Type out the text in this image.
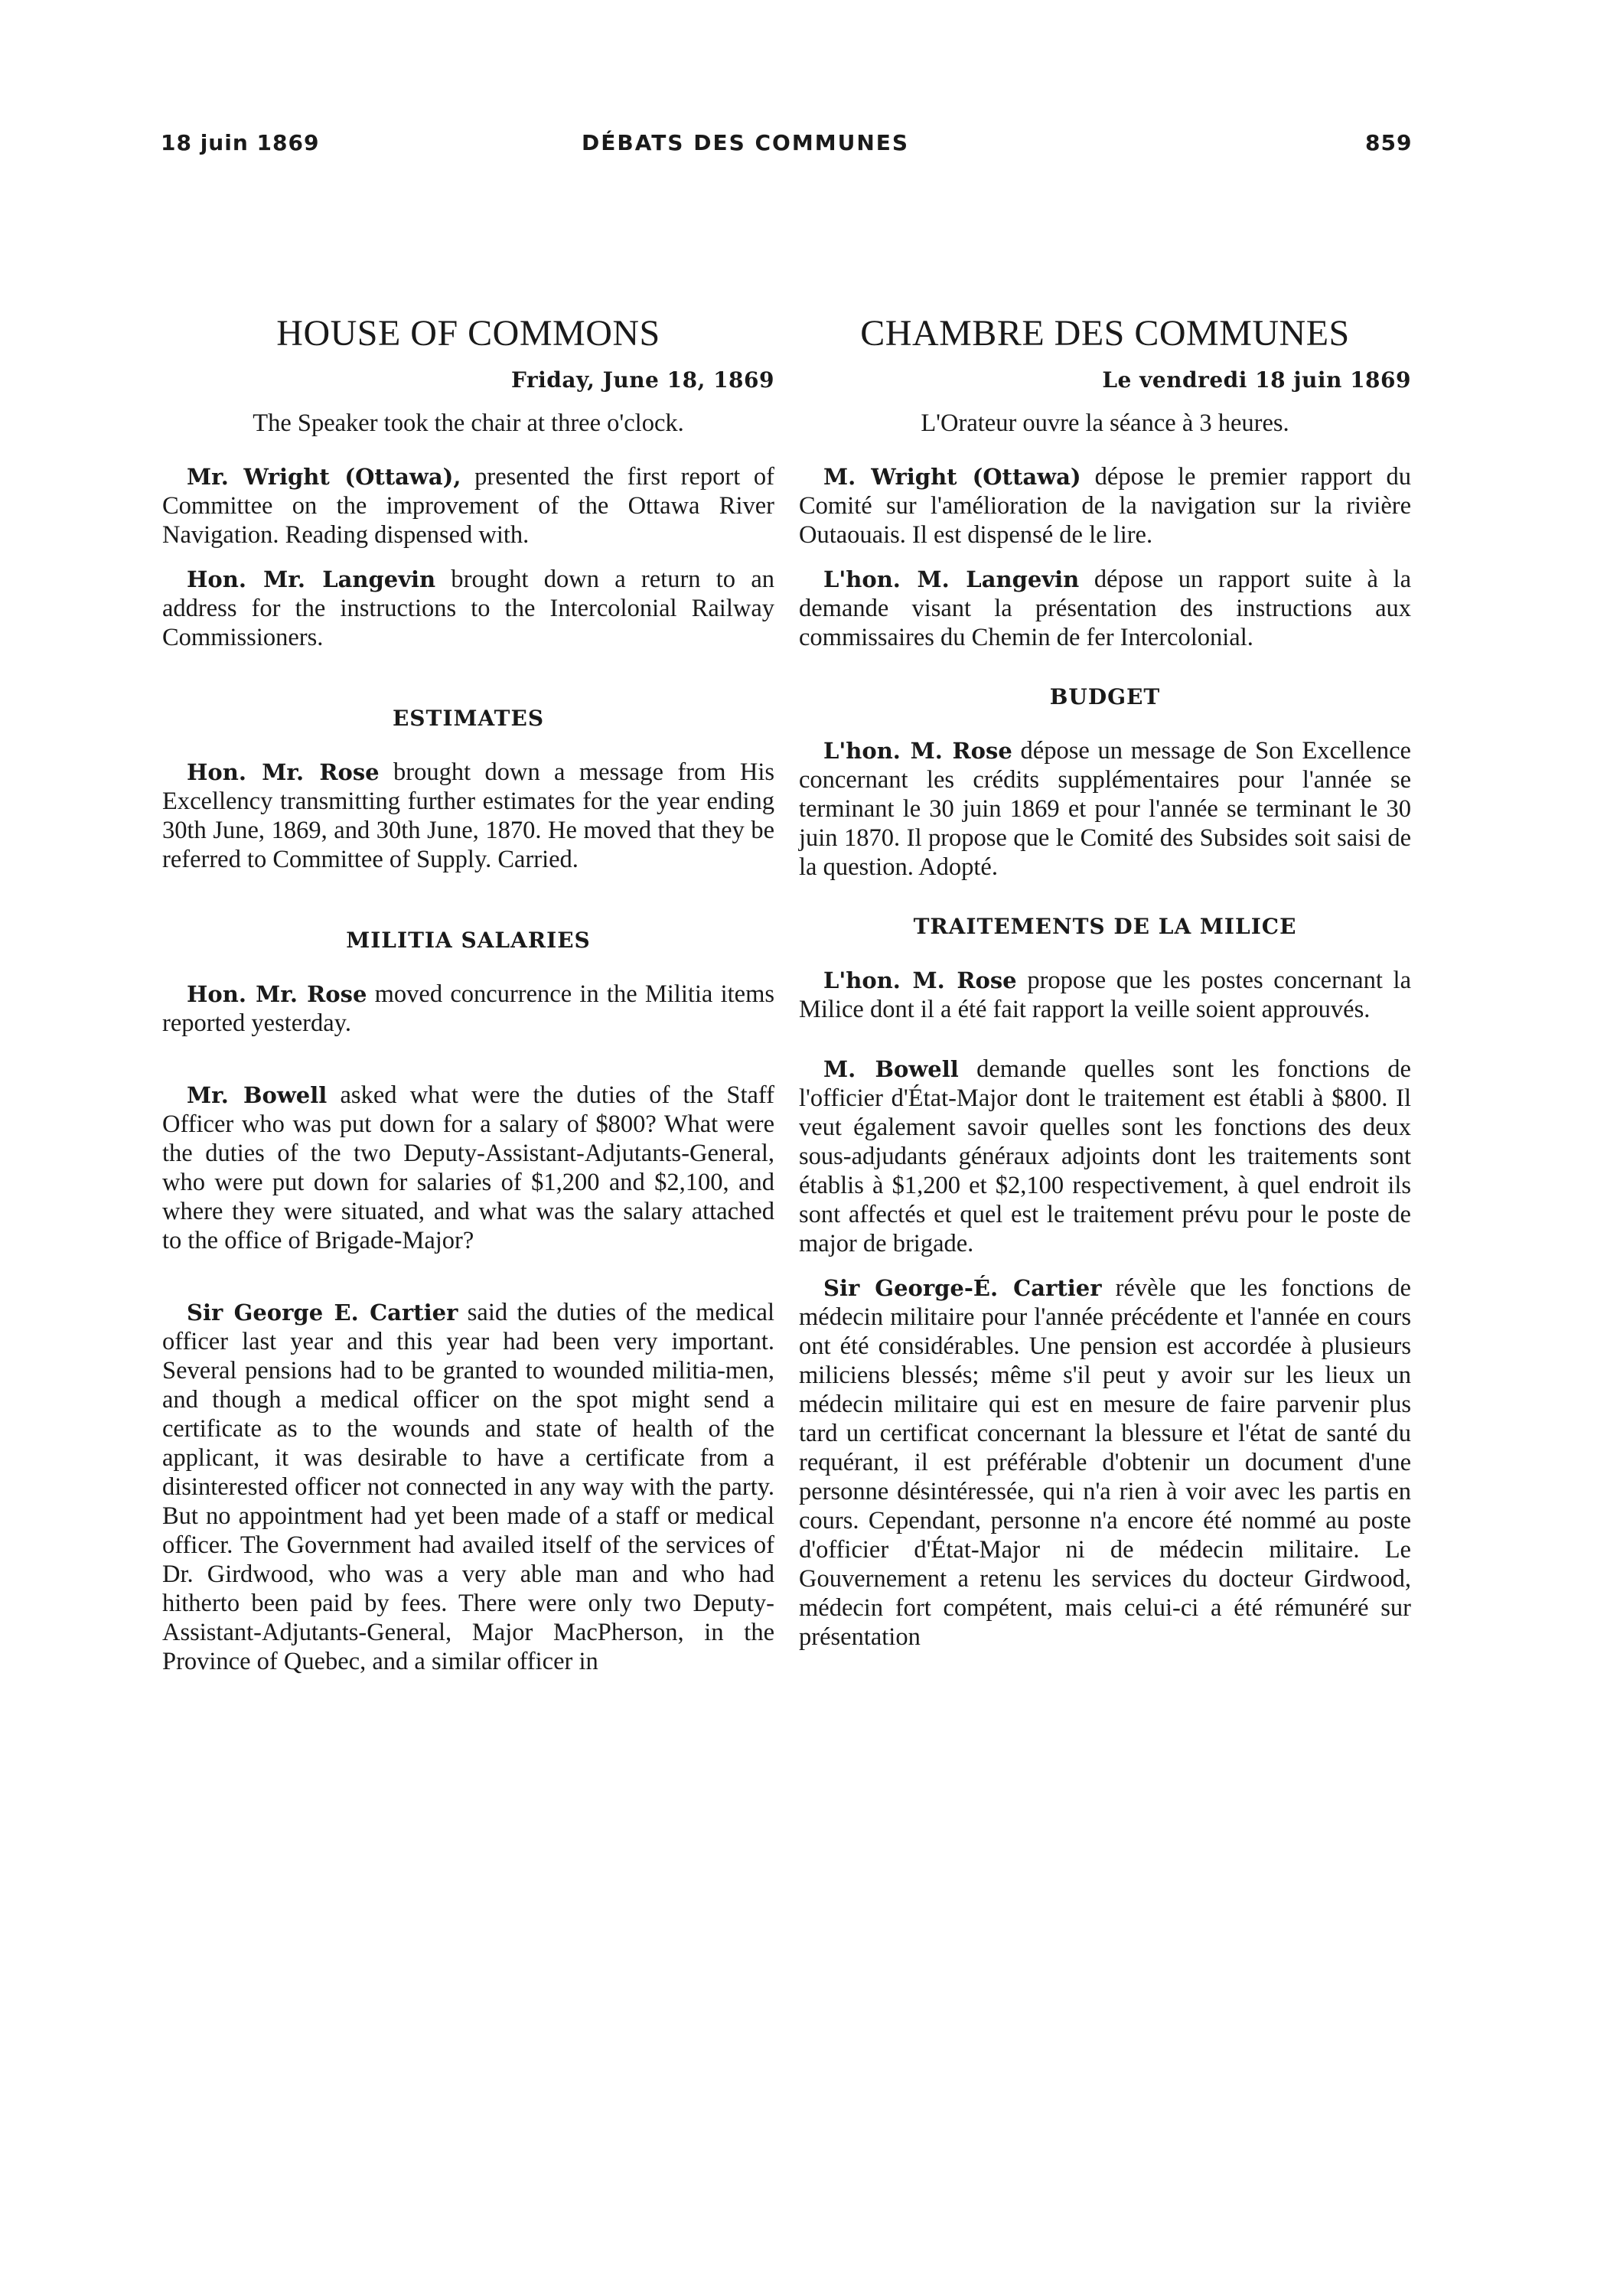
18 juin 1869	DÉBATS DES COMMUNES	859
HOUSE OF COMMONS
Friday, June 18, 1869
The Speaker took the chair at three o'clock.

Mr. Wright (Ottawa), presented the first report of Committee on the improvement of the Ottawa River Navigation. Reading dispensed with.

Hon. Mr. Langevin brought down a return to an address for the instructions to the Intercolonial Railway Commissioners.

ESTIMATES

Hon. Mr. Rose brought down a message from His Excellency transmitting further estimates for the year ending 30th June, 1869, and 30th June, 1870. He moved that they be referred to Committee of Supply. Carried.

MILITIA SALARIES

Hon. Mr. Rose moved concurrence in the Militia items reported yesterday.

Mr. Bowell asked what were the duties of the Staff Officer who was put down for a salary of $800? What were the duties of the two Deputy-Assistant-Adjutants-General, who were put down for salaries of $1,200 and $2,100, and where they were situated, and what was the salary attached to the office of Brigade-Major?

Sir George E. Cartier said the duties of the medical officer last year and this year had been very important. Several pensions had to be granted to wounded militia-men, and though a medical officer on the spot might send a certificate as to the wounds and state of health of the applicant, it was desirable to have a certificate from a disinterested officer not connected in any way with the party. But no appointment had yet been made of a staff or medical officer. The Government had availed itself of the services of Dr. Girdwood, who was a very able man and who had hitherto been paid by fees. There were only two Deputy-Assistant-Adjutants-General, Major MacPherson, in the Province of Quebec, and a similar officer in

CHAMBRE DES COMMUNES
Le vendredi 18 juin 1869
L'Orateur ouvre la séance à 3 heures.

M. Wright (Ottawa) dépose le premier rapport du Comité sur l'amélioration de la navigation sur la rivière Outaouais. Il est dispensé de le lire.

L'hon. M. Langevin dépose un rapport suite à la demande visant la présentation des instructions aux commissaires du Chemin de fer Intercolonial.

BUDGET

L'hon. M. Rose dépose un message de Son Excellence concernant les crédits supplémentaires pour l'année se terminant le 30 juin 1869 et pour l'année se terminant le 30 juin 1870. Il propose que le Comité des Subsides soit saisi de la question. Adopté.

TRAITEMENTS DE LA MILICE

L'hon. M. Rose propose que les postes concernant la Milice dont il a été fait rapport la veille soient approuvés.

M. Bowell demande quelles sont les fonctions de l'officier d'État-Major dont le traitement est établi à $800. Il veut également savoir quelles sont les fonctions des deux sous-adjudants généraux adjoints dont les traitements sont établis à $1,200 et $2,100 respectivement, à quel endroit ils sont affectés et quel est le traitement prévu pour le poste de major de brigade.

Sir George-É. Cartier révèle que les fonctions de médecin militaire pour l'année précédente et l'année en cours ont été considérables. Une pension est accordée à plusieurs miliciens blessés; même s'il peut y avoir sur les lieux un médecin militaire qui est en mesure de faire parvenir plus tard un certificat concernant la blessure et l'état de santé du requérant, il est préférable d'obtenir un document d'une personne désintéressée, qui n'a rien à voir avec les partis en cours. Cependant, personne n'a encore été nommé au poste d'officier d'État-Major ni de médecin militaire. Le Gouvernement a retenu les services du docteur Girdwood, médecin fort compétent, mais celui-ci a été rémunéré sur présentation
